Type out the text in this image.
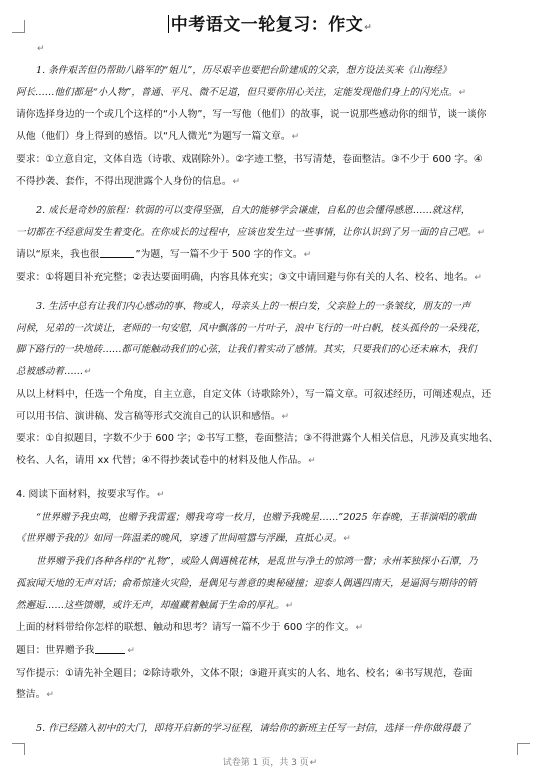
中考语文一轮复习：作文↵
↵
1. 条件艰苦但仍帮助八路军的“姐儿”，历尽艰辛也要把台阶建成的父亲，想方设法买来《山海经》
阿长……他们都是“小人物”，普通、平凡、微不足道，但只要你用心关注，定能发现他们身上的闪光点。↵
请你选择身边的一个或几个这样的“小人物”，写一写他（他们）的故事，说一说那些感动你的细节，谈一谈你
从他（他们）身上得到的感悟。以“凡人微光”为题写一篇文章。↵
要求：①立意自定，文体自选（诗歌、戏剧除外）。②字迹工整，书写清楚，卷面整洁。③不少于 600 字。④
不得抄袭、套作，不得出现泄露个人身份的信息。↵
2. 成长是奇妙的旅程：软弱的可以变得坚强，自大的能够学会谦虚，自私的也会懂得感恩……就这样，
一切都在不经意间发生着变化。在你成长的过程中，应该也发生过一些事情，让你认识到了另一面的自己吧。↵
请以“原来，我也很	”为题，写一篇不少于 500 字的作文。↵
要求：①将题目补充完整；②表达要面明确，内容具体充实；③文中请回避与你有关的人名、校名、地名。↵
3. 生活中总有让我们内心感动的事、物或人，母亲头上的一根白发，父亲脸上的一条皱纹，朋友的一声
问候，兄弟的一次谈让，老师的一句安慰，风中飘落的一片叶子，浪中飞行的一叶白帆，枝头孤伶的一朵残花，
脚下路行的一块地砖……都可能触动我们的心弦，让我们着实动了感情。其实，只要我们的心还未麻木，我们
总被感动着……↵
从以上材料中，任选一个角度，自主立意，自定文体（诗歌除外），写一篇文章。可叙述经历，可阐述观点，还
可以用书信、演讲稿、发言稿等形式交流自己的认识和感悟。↵
要求：①自拟题目，字数不少于 600 字；②书写工整，卷面整洁；③不得泄露个人相关信息，凡涉及真实地名、
校名、人名，请用 xx 代替；④不得抄袭试卷中的材料及他人作品。↵
4. 阅读下面材料，按要求写作。↵
“世界赠予我虫鸣，也赠予我雷霆；赠我弯弯一枚月，也赠予我晚星……”2025 年春晚，王菲演唱的歌曲
《世界赠予我的》如同一阵温柔的晚风，穿透了世间喧嚣与浮躁，直抵心灵。↵
世界赠予我们各种各样的“礼物”，或险人偶遇桃花林，是乱世与净土的惊鸿一瞥；永州苯独探小石潭，乃
孤寂闻天地的无声对话；俞希惊逢火灾险，是偶见与善意的奥秘碰撞；迎泰人偶遇四南天，是逼洞与期待的销
然邂逅……这些馈赠，或许无声，却蕴藏着触属于生命的厚礼。↵
上面的材料带给你怎样的联想、触动和思考？请写一篇不少于 600 字的作文。↵
题目：世界赠予我	↵
写作提示：①请先补全题目；②除诗歌外，文体不限；③避开真实的人名、地名、校名；④书写规范，卷面
整洁。↵
5. 作已经踏入初中的大门，即将开启新的学习征程，请给你的新班主任写一封信，选择一件你做得最了
试卷第 1 页，共 3 页↵
